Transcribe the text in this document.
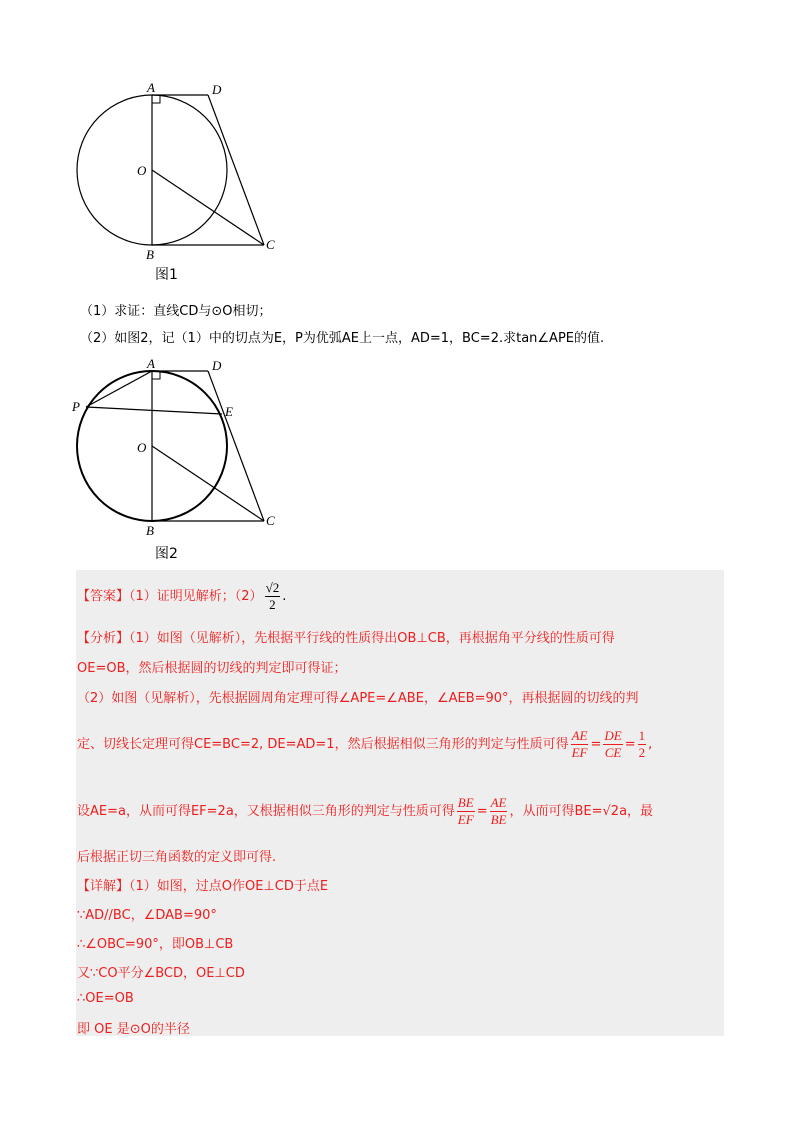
A	D
O
B
C
图1
（1）求证：直线CD与⊙O相切；
（2）如图2，记（1）中的切点为E，P为优弧AE上一点，AD=1，BC=2.求tan∠APE的值.
A	D
P	E
O
B
C
图2
【答案】（1）证明见解析；$(2) \frac{√2}{2}$ .
【分析】（1）如图（见解析），先根据平行线的性质得出OB⊥CB，再根据角平分线的性质可得
OE=OB，然后根据圆的切线的判定即可得证；
（2）如图（见解析），先根据圆周角定理可得∠APE=∠ABE，∠AEB=90°，再根据圆的切线的判
定、切线长定理可得CE=BC=2, DE=AD=1，然后根据相似三角形的判定与性质可得 $\frac{AE}{EF} = \frac{DE}{CE} = \frac{1}{2}$ ,
设AE=a，从而可得EF=2a，又根据相似三角形的判定与性质可得 $\frac{BE}{EF} = \frac{AE}{BE}$ ，从而可得BE=√2a，最
后根据正切三角函数的定义即可得.
【详解】（1）如图，过点O作OE⊥CD于点E
∵AD//BC，∠DAB=90°
∴∠OBC=90°，即OB⊥CB
又∵CO平分∠BCD，OE⊥CD
∴OE=OB
即 OE 是⊙O的半径
